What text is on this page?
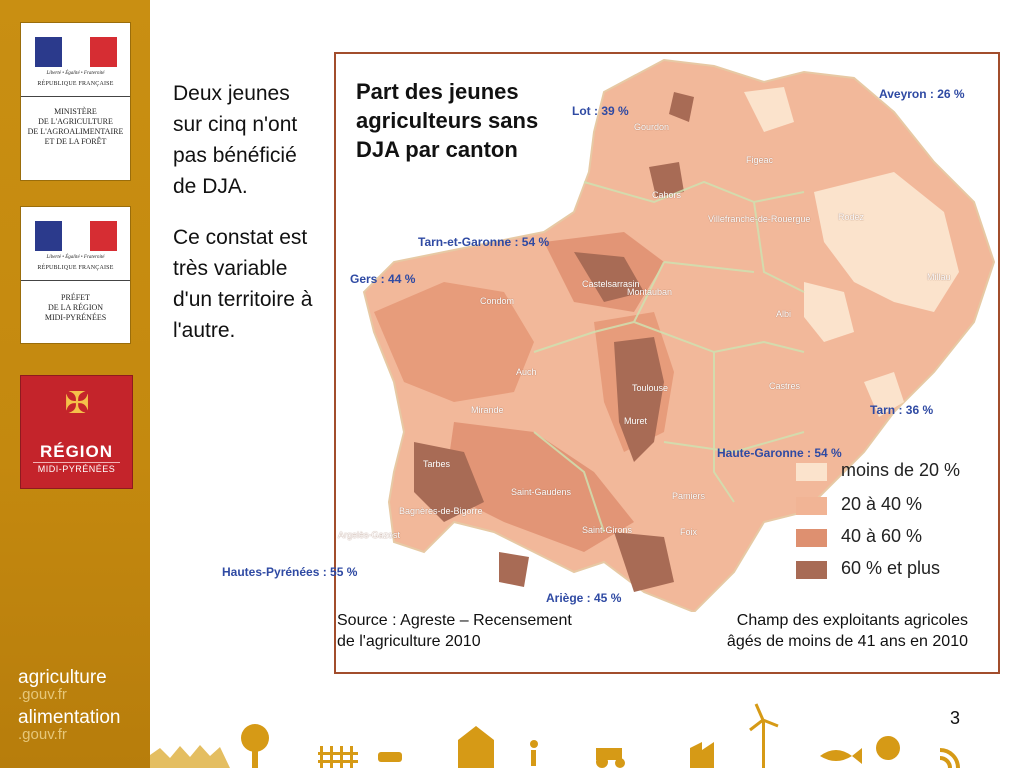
Liberté • Égalité • Fraternité
RÉPUBLIQUE FRANÇAISE
MINISTÈRE
DE L'AGRICULTURE
DE L'AGROALIMENTAIRE
ET DE LA FORÊT
Liberté • Égalité • Fraternité
RÉPUBLIQUE FRANÇAISE
PRÉFET
DE LA RÉGION
MIDI-PYRÉNÉES
✠
RÉGION
MIDI-PYRÉNÉES
agriculture
.gouv.fr
alimentation
.gouv.fr

Deux jeunes sur cinq n'ont pas bénéficié de DJA.

Ce constat est très variable d'un territoire à l'autre.

Part des jeunes agriculteurs sans DJA par canton
Lot : 39 %
Aveyron : 26 %
Tarn-et-Garonne : 54 %
Gers : 44 %
Tarn : 36 %
Haute-Garonne : 54 %
Hautes-Pyrénées : 55 %
Ariège : 45 %
Gourdon
Figeac
Cahors
Villefranche-de-Rouergue	Rodez
Castelsarrasin
Montauban
Condom
Millau
Albi
Auch
Toulouse	Castres
Mirande
Muret
Tarbes
Saint-Gaudens	Pamiers
Bagnères-de-Bigorre
Saint-Girons	Foix
Argelès-Gazost
moins de 20 %
20 à 40 %
40 à 60 %
60 % et plus
Source : Agreste – Recensement
de l'agriculture 2010
Champ des exploitants agricoles
âgés de moins de 41 ans en 2010
3
